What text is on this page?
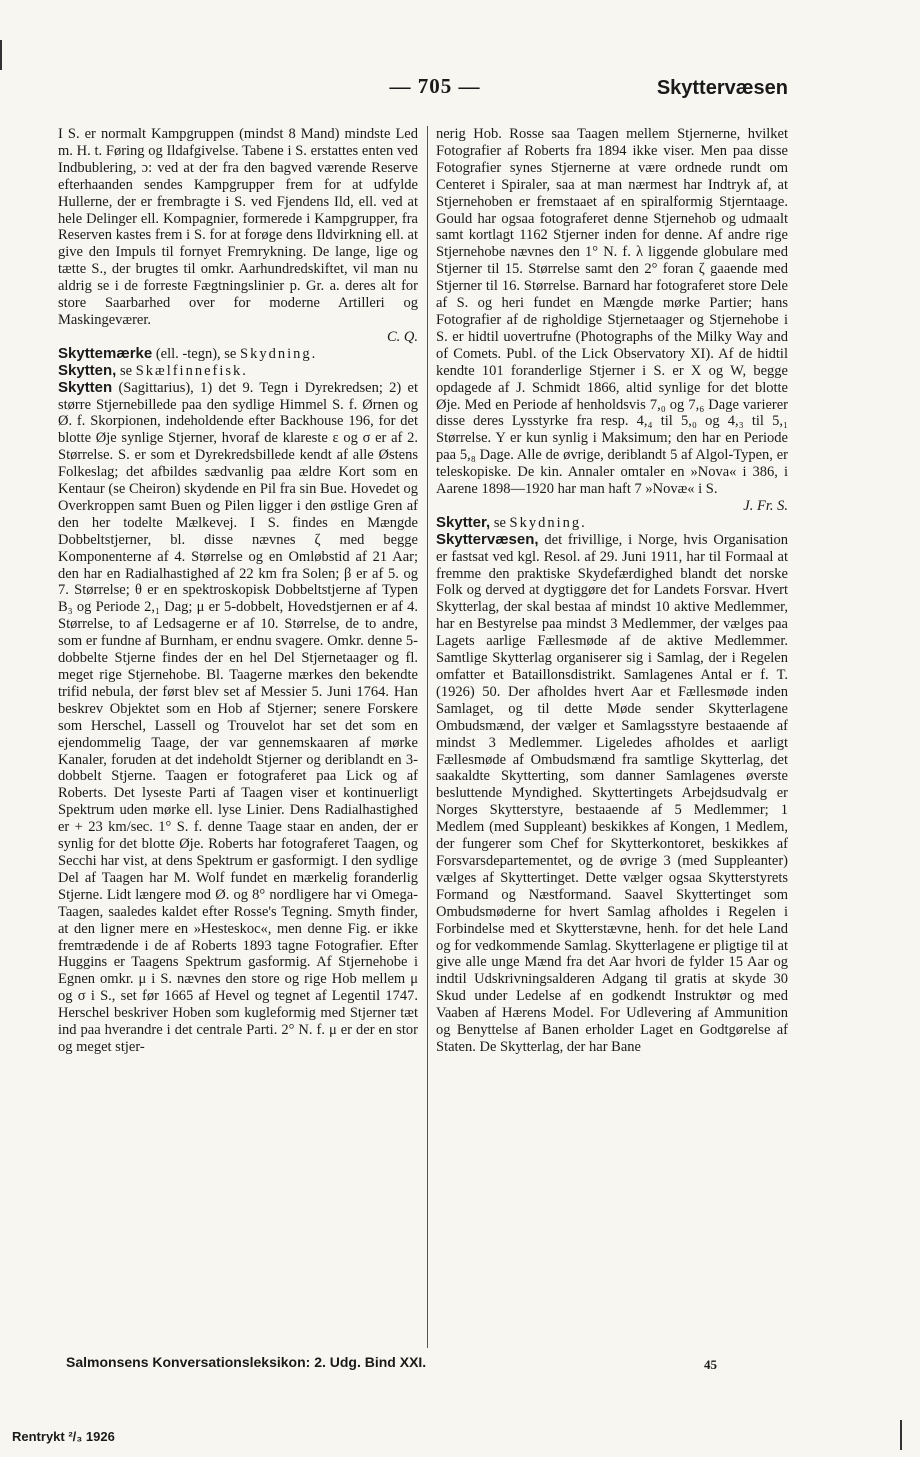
— 705 —	Skyttervæsen

I S. er normalt Kampgruppen (mindst 8 Mand) mindste Led m. H. t. Føring og Ildafgivelse. Tabene i S. erstattes enten ved Indbublering, ɔ: ved at der fra den bagved værende Reserve efterhaanden sendes Kampgrupper frem for at udfylde Hullerne, der er frembragte i S. ved Fjendens Ild, ell. ved at hele Delinger ell. Kompagnier, formerede i Kampgrupper, fra Reserven kastes frem i S. for at forøge dens Ildvirkning ell. at give den Impuls til fornyet Fremrykning. De lange, lige og tætte S., der brugtes til omkr. Aarhundredskiftet, vil man nu aldrig se i de forreste Fægtningslinier p. Gr. a. deres alt for store Saarbarhed over for moderne Artilleri og Maskingeværer.

C. Q.

Skyttemærke (ell. -tegn), se Skydning.

Skytten, se Skælfinnefisk.

Skytten (Sagittarius), 1) det 9. Tegn i Dyrekredsen; 2) et større Stjernebillede paa den sydlige Himmel S. f. Ørnen og Ø. f. Skorpionen, indeholdende efter Backhouse 196, for det blotte Øje synlige Stjerner, hvoraf de klareste ε og σ er af 2. Størrelse. S. er som et Dyrekredsbillede kendt af alle Østens Folkeslag; det afbildes sædvanlig paa ældre Kort som en Kentaur (se Cheiron) skydende en Pil fra sin Bue. Hovedet og Overkroppen samt Buen og Pilen ligger i den østlige Gren af den her todelte Mælkevej. I S. findes en Mængde Dobbeltstjerner, bl. disse nævnes ζ med begge Komponenterne af 4. Størrelse og en Omløbstid af 21 Aar; den har en Radialhastighed af 22 km fra Solen; β er af 5. og 7. Størrelse; θ er en spektroskopisk Dobbeltstjerne af Typen B₃ og Periode 2,₁ Dag; μ er 5-dobbelt, Hovedstjernen er af 4. Størrelse, to af Ledsagerne er af 10. Størrelse, de to andre, som er fundne af Burnham, er endnu svagere. Omkr. denne 5-dobbelte Stjerne findes der en hel Del Stjernetaager og fl. meget rige Stjernehobe. Bl. Taagerne mærkes den bekendte trifid nebula, der først blev set af Messier 5. Juni 1764. Han beskrev Objektet som en Hob af Stjerner; senere Forskere som Herschel, Lassell og Trouvelot har set det som en ejendommelig Taage, der var gennemskaaren af mørke Kanaler, foruden at det indeholdt Stjerner og deriblandt en 3-dobbelt Stjerne. Taagen er fotograferet paa Lick og af Roberts. Det lyseste Parti af Taagen viser et kontinuerligt Spektrum uden mørke ell. lyse Linier. Dens Radialhastighed er + 23 km/sec. 1° S. f. denne Taage staar en anden, der er synlig for det blotte Øje. Roberts har fotograferet Taagen, og Secchi har vist, at dens Spektrum er gasformigt. I den sydlige Del af Taagen har M. Wolf fundet en mærkelig foranderlig Stjerne. Lidt længere mod Ø. og 8° nordligere har vi Omega-Taagen, saaledes kaldet efter Rosse's Tegning. Smyth finder, at den ligner mere en »Hesteskoc«, men denne Fig. er ikke fremtrædende i de af Roberts 1893 tagne Fotografier. Efter Huggins er Taagens Spektrum gasformig. Af Stjernehobe i Egnen omkr. μ i S. nævnes den store og rige Hob mellem μ og σ i S., set før 1665 af Hevel og tegnet af Legentil 1747. Herschel beskriver Hoben som kugleformig med Stjerner tæt ind paa hverandre i det centrale Parti. 2° N. f. μ er der en stor og meget stjer-

nerig Hob. Rosse saa Taagen mellem Stjernerne, hvilket Fotografier af Roberts fra 1894 ikke viser. Men paa disse Fotografier synes Stjernerne at være ordnede rundt om Centeret i Spiraler, saa at man nærmest har Indtryk af, at Stjernehoben er fremstaaet af en spiralformig Stjerntaage. Gould har ogsaa fotograferet denne Stjernehob og udmaalt samt kortlagt 1162 Stjerner inden for denne. Af andre rige Stjernehobe nævnes den 1° N. f. λ liggende globulare med Stjerner til 15. Størrelse samt den 2° foran ζ gaaende med Stjerner til 16. Størrelse. Barnard har fotograferet store Dele af S. og heri fundet en Mængde mørke Partier; hans Fotografier af de righoldige Stjernetaager og Stjernehobe i S. er hidtil uovertrufne (Photographs of the Milky Way and of Comets. Publ. of the Lick Observatory XI). Af de hidtil kendte 101 foranderlige Stjerner i S. er X og W, begge opdagede af J. Schmidt 1866, altid synlige for det blotte Øje. Med en Periode af henholdsvis 7,₀ og 7,₆ Dage varierer disse deres Lysstyrke fra resp. 4,₄ til 5,₀ og 4,₃ til 5,₁ Størrelse. Y er kun synlig i Maksimum; den har en Periode paa 5,₈ Dage. Alle de øvrige, deriblandt 5 af Algol-Typen, er teleskopiske. De kin. Annaler omtaler en »Nova« i 386, i Aarene 1898—1920 har man haft 7 »Novæ« i S.

J. Fr. S.

Skytter, se Skydning.

Skyttervæsen, det frivillige, i Norge, hvis Organisation er fastsat ved kgl. Resol. af 29. Juni 1911, har til Formaal at fremme den praktiske Skydefærdighed blandt det norske Folk og derved at dygtiggøre det for Landets Forsvar. Hvert Skytterlag, der skal bestaa af mindst 10 aktive Medlemmer, har en Bestyrelse paa mindst 3 Medlemmer, der vælges paa Lagets aarlige Fællesmøde af de aktive Medlemmer. Samtlige Skytterlag organiserer sig i Samlag, der i Regelen omfatter et Bataillonsdistrikt. Samlagenes Antal er f. T. (1926) 50. Der afholdes hvert Aar et Fællesmøde inden Samlaget, og til dette Møde sender Skytterlagene Ombudsmænd, der vælger et Samlagsstyre bestaaende af mindst 3 Medlemmer. Ligeledes afholdes et aarligt Fællesmøde af Ombudsmænd fra samtlige Skytterlag, det saakaldte Skytterting, som danner Samlagenes øverste besluttende Myndighed. Skyttertingets Arbejdsudvalg er Norges Skytterstyre, bestaaende af 5 Medlemmer; 1 Medlem (med Suppleant) beskikkes af Kongen, 1 Medlem, der fungerer som Chef for Skytterkontoret, beskikkes af Forsvarsdepartementet, og de øvrige 3 (med Suppleanter) vælges af Skyttertinget. Dette vælger ogsaa Skytterstyrets Formand og Næstformand. Saavel Skyttertinget som Ombudsmøderne for hvert Samlag afholdes i Regelen i Forbindelse med et Skytterstævne, henh. for det hele Land og for vedkommende Samlag. Skytterlagene er pligtige til at give alle unge Mænd fra det Aar hvori de fylder 15 Aar og indtil Udskrivningsalderen Adgang til gratis at skyde 30 Skud under Ledelse af en godkendt Instruktør og med Vaaben af Hærens Model. For Udlevering af Ammunition og Benyttelse af Banen erholder Laget en Godtgørelse af Staten. De Skytterlag, der har Bane

Salmonsens Konversationsleksikon: 2. Udg. Bind XXI.	45
Rentrykt ²/₃ 1926
